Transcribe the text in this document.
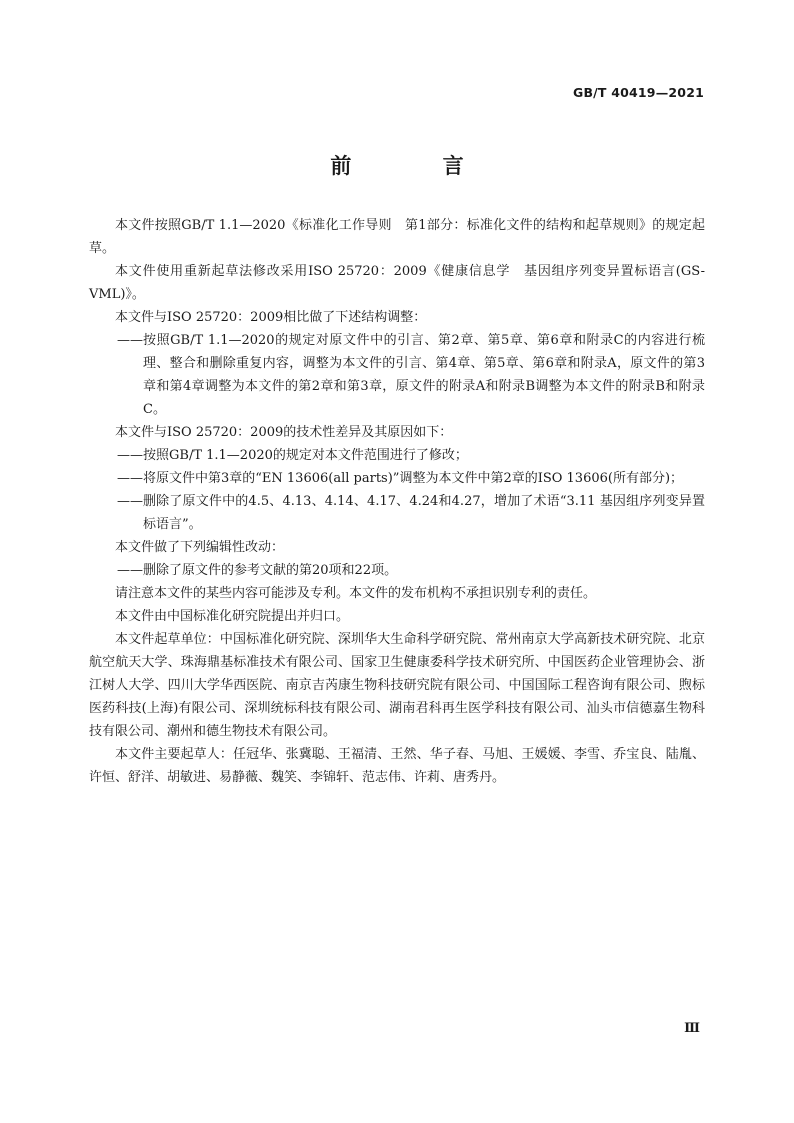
GB/T 40419—2021
前 言

本文件按照GB/T 1.1—2020《标准化工作导则　第1部分：标准化文件的结构和起草规则》的规定起草。

本文件使用重新起草法修改采用ISO 25720：2009《健康信息学　基因组序列变异置标语言(GS-VML)》。

本文件与ISO 25720：2009相比做了下述结构调整：

—— 按照GB/T 1.1—2020的规定对原文件中的引言、第2章、第5章、第6章和附录C的内容进行梳理、整合和删除重复内容，调整为本文件的引言、第4章、第5章、第6章和附录A，原文件的第3章和第4章调整为本文件的第2章和第3章，原文件的附录A和附录B调整为本文件的附录B和附录C。

本文件与ISO 25720：2009的技术性差异及其原因如下：

—— 按照GB/T 1.1—2020的规定对本文件范围进行了修改；
—— 将原文件中第3章的“EN 13606(all parts)”调整为本文件中第2章的ISO 13606(所有部分)；
—— 删除了原文件中的4.5、4.13、4.14、4.17、4.24和4.27，增加了术语“3.11 基因组序列变异置标语言”。

本文件做了下列编辑性改动：

—— 删除了原文件的参考文献的第20项和22项。

请注意本文件的某些内容可能涉及专利。本文件的发布机构不承担识别专利的责任。

本文件由中国标准化研究院提出并归口。

本文件起草单位：中国标准化研究院、深圳华大生命科学研究院、常州南京大学高新技术研究院、北京航空航天大学、珠海鼎基标准技术有限公司、国家卫生健康委科学技术研究所、中国医药企业管理协会、浙江树人大学、四川大学华西医院、南京吉芮康生物科技研究院有限公司、中国国际工程咨询有限公司、煦标医药科技(上海)有限公司、深圳统标科技有限公司、湖南君科再生医学科技有限公司、汕头市信德嘉生物科技有限公司、潮州和德生物技术有限公司。

本文件主要起草人：任冠华、张冀聪、王福清、王然、华子春、马旭、王媛媛、李雪、乔宝良、陆胤、许恒、舒洋、胡敏进、易静薇、魏笑、李锦轩、范志伟、许莉、唐秀丹。

Ⅲ
